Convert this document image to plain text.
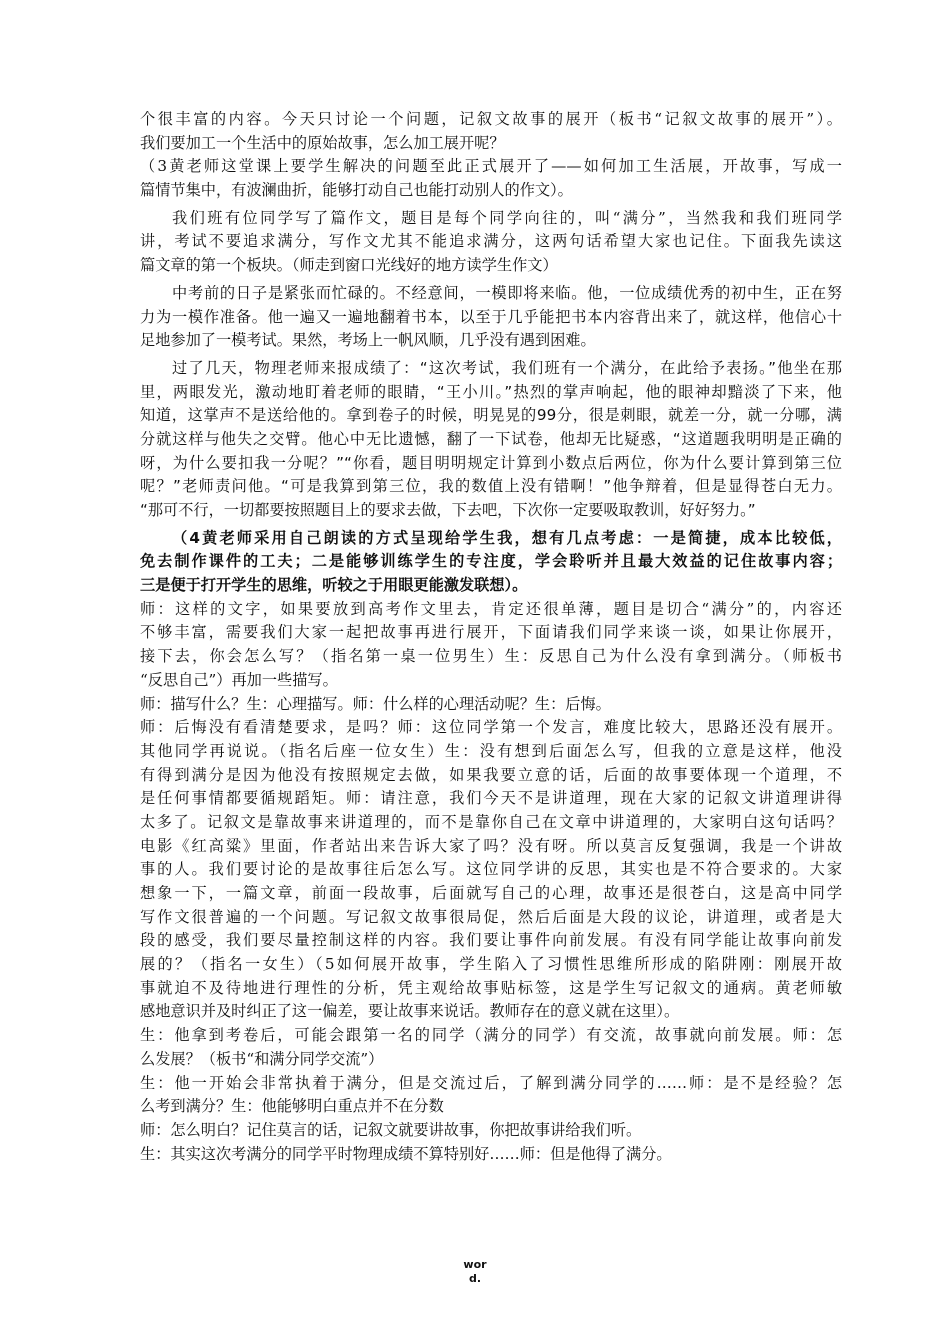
个很丰富的内容。今天只讨论一个问题，记叙文故事的展开（板书“记叙文故事的展开”）。
我们要加工一个生活中的原始故事，怎么加工展开呢？
（3黄老师这堂课上要学生解决的问题至此正式展开了——如何加工生活展，开故事，写成一
篇情节集中，有波澜曲折，能够打动自己也能打动别人的作文）。
我们班有位同学写了篇作文，题目是每个同学向往的，叫“满分”，当然我和我们班同学
讲，考试不要追求满分，写作文尤其不能追求满分，这两句话希望大家也记住。下面我先读这
篇文章的第一个板块。（师走到窗口光线好的地方读学生作文）
中考前的日子是紧张而忙碌的。不经意间，一模即将来临。他，一位成绩优秀的初中生，正在努
力为一模作准备。他一遍又一遍地翻着书本，以至于几乎能把书本内容背出来了，就这样，他信心十
足地参加了一模考试。果然，考场上一帆风顺，几乎没有遇到困难。
过了几天，物理老师来报成绩了：“这次考试，我们班有一个满分，在此给予表扬。”他坐在那
里，两眼发光，激动地盯着老师的眼睛，“王小川。”热烈的掌声响起，他的眼神却黯淡了下来，他
知道，这掌声不是送给他的。拿到卷子的时候，明晃晃的99分，很是刺眼，就差一分，就一分哪，满
分就这样与他失之交臂。他心中无比遗憾，翻了一下试卷，他却无比疑惑，“这道题我明明是正确的
呀，为什么要扣我一分呢？”“你看，题目明明规定计算到小数点后两位，你为什么要计算到第三位
呢？”老师责问他。“可是我算到第三位，我的数值上没有错啊！”他争辩着，但是显得苍白无力。
“那可不行，一切都要按照题目上的要求去做，下去吧，下次你一定要吸取教训，好好努力。”
（4黄老师采用自己朗读的方式呈现给学生我，想有几点考虑：一是简捷，成本比较低，
免去制作课件的工夫；二是能够训练学生的专注度，学会聆听并且最大效益的记住故事内容；
三是便于打开学生的思维，听较之于用眼更能激发联想）。
师：这样的文字，如果要放到高考作文里去，肯定还很单薄，题目是切合“满分”的，内容还
不够丰富，需要我们大家一起把故事再进行展开，下面请我们同学来谈一谈，如果让你展开，
接下去，你会怎么写？（指名第一桌一位男生）生：反思自己为什么没有拿到满分。（师板书
“反思自己”）再加一些描写。
师：描写什么？生：心理描写。师：什么样的心理活动呢？生：后悔。
师：后悔没有看清楚要求，是吗？师：这位同学第一个发言，难度比较大，思路还没有展开。
其他同学再说说。（指名后座一位女生）生：没有想到后面怎么写，但我的立意是这样，他没
有得到满分是因为他没有按照规定去做，如果我要立意的话，后面的故事要体现一个道理，不
是任何事情都要循规蹈矩。师：请注意，我们今天不是讲道理，现在大家的记叙文讲道理讲得
太多了。记叙文是靠故事来讲道理的，而不是靠你自己在文章中讲道理的，大家明白这句话吗？
电影《红高粱》里面，作者站出来告诉大家了吗？没有呀。所以莫言反复强调，我是一个讲故
事的人。我们要讨论的是故事往后怎么写。这位同学讲的反思，其实也是不符合要求的。大家
想象一下，一篇文章，前面一段故事，后面就写自己的心理，故事还是很苍白，这是高中同学
写作文很普遍的一个问题。写记叙文故事很局促，然后后面是大段的议论，讲道理，或者是大
段的感受，我们要尽量控制这样的内容。我们要让事件向前发展。有没有同学能让故事向前发
展的？（指名一女生）（5如何展开故事，学生陷入了习惯性思维所形成的陷阱刚：刚展开故
事就迫不及待地进行理性的分析，凭主观给故事贴标签，这是学生写记叙文的通病。黄老师敏
感地意识并及时纠正了这一偏差，要让故事来说话。教师存在的意义就在这里）。
生：他拿到考卷后，可能会跟第一名的同学（满分的同学）有交流，故事就向前发展。师：怎
么发展？（板书“和满分同学交流”）
生：他一开始会非常执着于满分，但是交流过后，了解到满分同学的……师：是不是经验？怎
么考到满分？生：他能够明白重点并不在分数
师：怎么明白？记住莫言的话，记叙文就要讲故事，你把故事讲给我们听。
生：其实这次考满分的同学平时物理成绩不算特别好……师：但是他得了满分。
wor
d.
